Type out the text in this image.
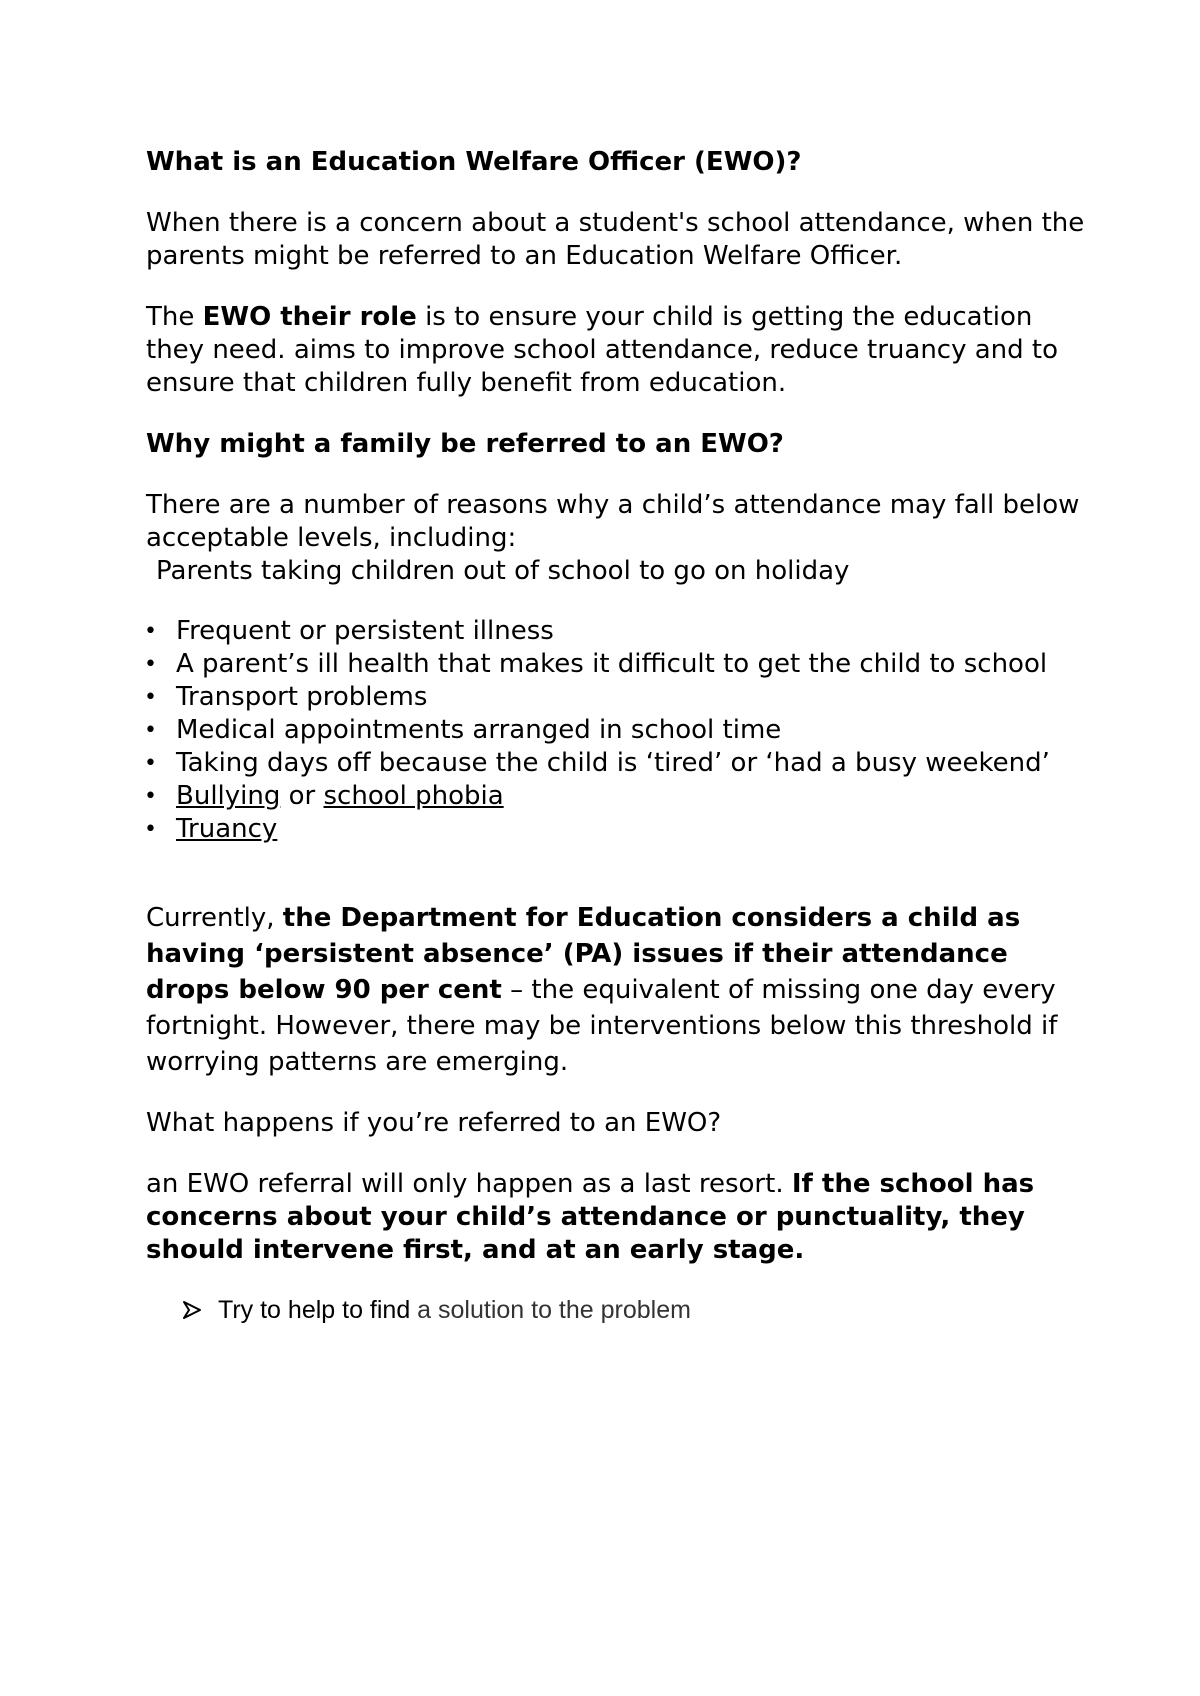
What is an Education Welfare Officer (EWO)?

When there is a concern about a student's school attendance, when the parents might be referred to an Education Welfare Officer.

The EWO their role is to ensure your child is getting the education they need. aims to improve school attendance, reduce truancy and to ensure that children fully benefit from education.

Why might a family be referred to an EWO?

There are a number of reasons why a child’s attendance may fall below acceptable levels, including:

Parents taking children out of school to go on holiday

• Frequent or persistent illness
• A parent’s ill health that makes it difficult to get the child to school
• Transport problems
• Medical appointments arranged in school time
• Taking days off because the child is ‘tired’ or ‘had a busy weekend’
• Bullying or school phobia
• Truancy

Currently, the Department for Education considers a child as having ‘persistent absence’ (PA) issues if their attendance drops below 90 per cent – the equivalent of missing one day every fortnight. However, there may be interventions below this threshold if worrying patterns are emerging.

What happens if you’re referred to an EWO?

an EWO referral will only happen as a last resort. If the school has concerns about your child’s attendance or punctuality, they should intervene first, and at an early stage.

Try to help to find a solution to the problem
